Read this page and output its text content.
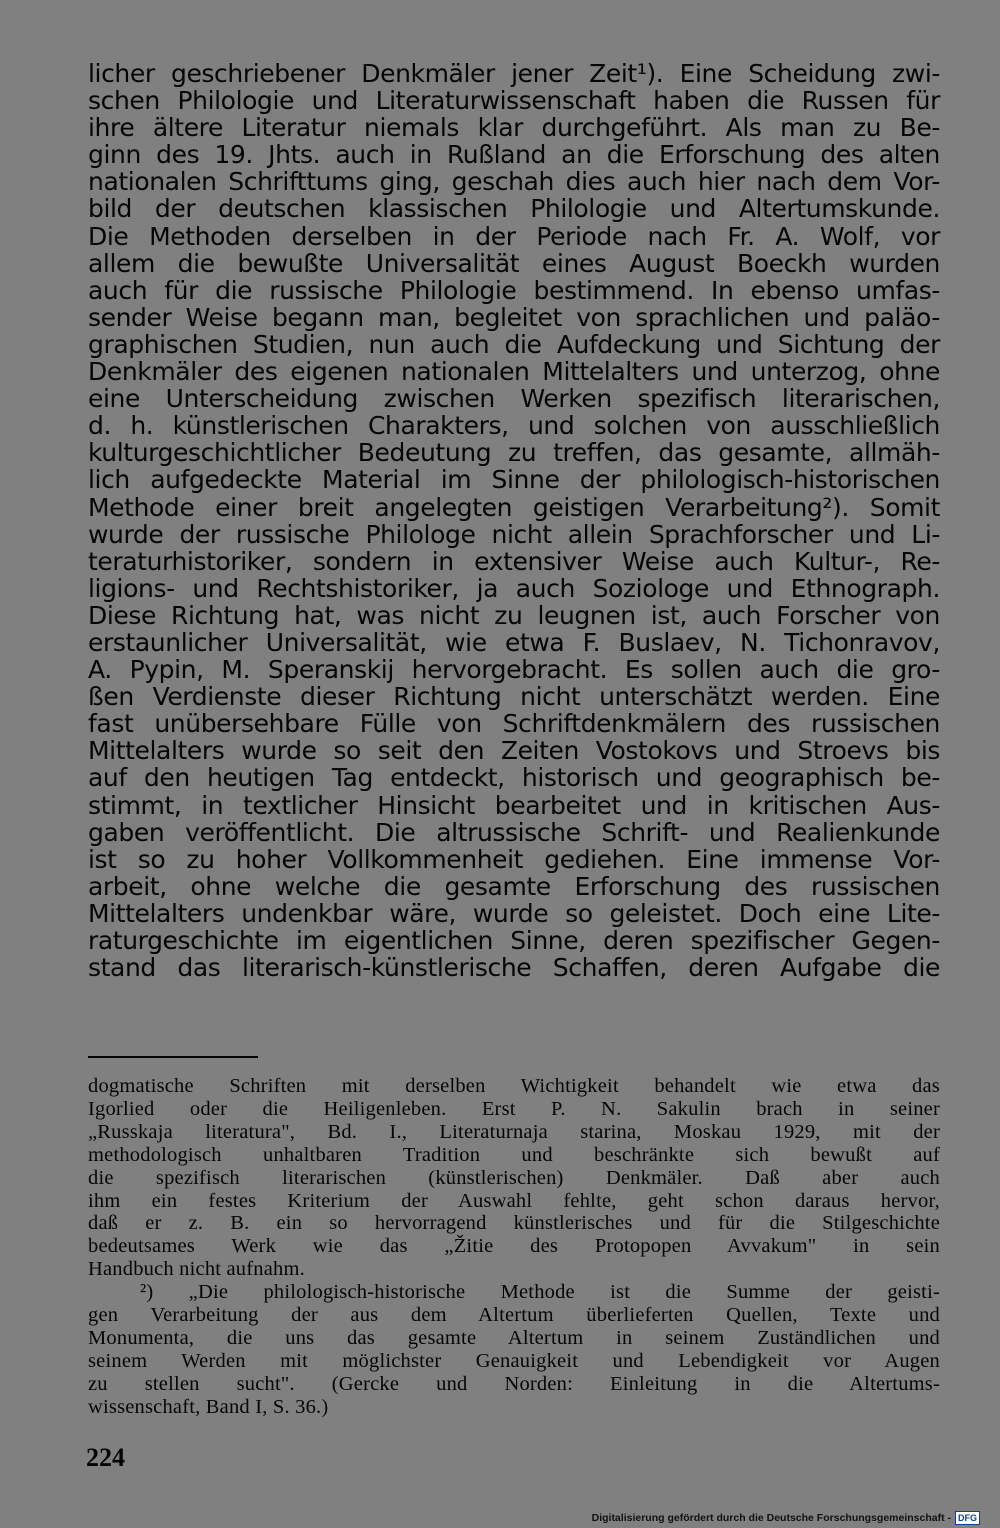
licher geschriebener Denkmäler jener Zeit¹). Eine Scheidung zwi-
schen Philologie und Literaturwissenschaft haben die Russen für
ihre ältere Literatur niemals klar durchgeführt. Als man zu Be-
ginn des 19. Jhts. auch in Rußland an die Erforschung des alten
nationalen Schrifttums ging, geschah dies auch hier nach dem Vor-
bild der deutschen klassischen Philologie und Altertumskunde.
Die Methoden derselben in der Periode nach Fr. A. Wolf, vor
allem die bewußte Universalität eines August Boeckh wurden
auch für die russische Philologie bestimmend. In ebenso umfas-
sender Weise begann man, begleitet von sprachlichen und paläo-
graphischen Studien, nun auch die Aufdeckung und Sichtung der
Denkmäler des eigenen nationalen Mittelalters und unterzog, ohne
eine Unterscheidung zwischen Werken spezifisch literarischen,
d. h. künstlerischen Charakters, und solchen von ausschließlich
kulturgeschichtlicher Bedeutung zu treffen, das gesamte, allmäh-
lich aufgedeckte Material im Sinne der philologisch-historischen
Methode einer breit angelegten geistigen Verarbeitung²). Somit
wurde der russische Philologe nicht allein Sprachforscher und Li-
teraturhistoriker, sondern in extensiver Weise auch Kultur-, Re-
ligions- und Rechtshistoriker, ja auch Soziologe und Ethnograph.
Diese Richtung hat, was nicht zu leugnen ist, auch Forscher von
erstaunlicher Universalität, wie etwa F. Buslaev, N. Tichonravov,
A. Pypin, M. Speranskij hervorgebracht. Es sollen auch die gro-
ßen Verdienste dieser Richtung nicht unterschätzt werden. Eine
fast unübersehbare Fülle von Schriftdenkmälern des russischen
Mittelalters wurde so seit den Zeiten Vostokovs und Stroevs bis
auf den heutigen Tag entdeckt, historisch und geographisch be-
stimmt, in textlicher Hinsicht bearbeitet und in kritischen Aus-
gaben veröffentlicht. Die altrussische Schrift- und Realienkunde
ist so zu hoher Vollkommenheit gediehen. Eine immense Vor-
arbeit, ohne welche die gesamte Erforschung des russischen
Mittelalters undenkbar wäre, wurde so geleistet. Doch eine Lite-
raturgeschichte im eigentlichen Sinne, deren spezifischer Gegen-
stand das literarisch-künstlerische Schaffen, deren Aufgabe die
dogmatische Schriften mit derselben Wichtigkeit behandelt wie etwa das
Igorlied oder die Heiligenleben. Erst P. N. Sakulin brach in seiner
„Russkaja literatura", Bd. I., Literaturnaja starina, Moskau 1929, mit der
methodologisch unhaltbaren Tradition und beschränkte sich bewußt auf
die spezifisch literarischen (künstlerischen) Denkmäler. Daß aber auch
ihm ein festes Kriterium der Auswahl fehlte, geht schon daraus hervor,
daß er z. B. ein so hervorragend künstlerisches und für die Stilgeschichte
bedeutsames Werk wie das „Žitie des Protopopen Avvakum" in sein
Handbuch nicht aufnahm.
²) „Die philologisch-historische Methode ist die Summe der geisti-
gen Verarbeitung der aus dem Altertum überlieferten Quellen, Texte und
Monumenta, die uns das gesamte Altertum in seinem Zuständlichen und
seinem Werden mit möglichster Genauigkeit und Lebendigkeit vor Augen
zu stellen sucht". (Gercke und Norden: Einleitung in die Altertums-
wissenschaft, Band I, S. 36.)
224
Digitalisierung gefördert durch die Deutsche Forschungsgemeinschaft - DFG
